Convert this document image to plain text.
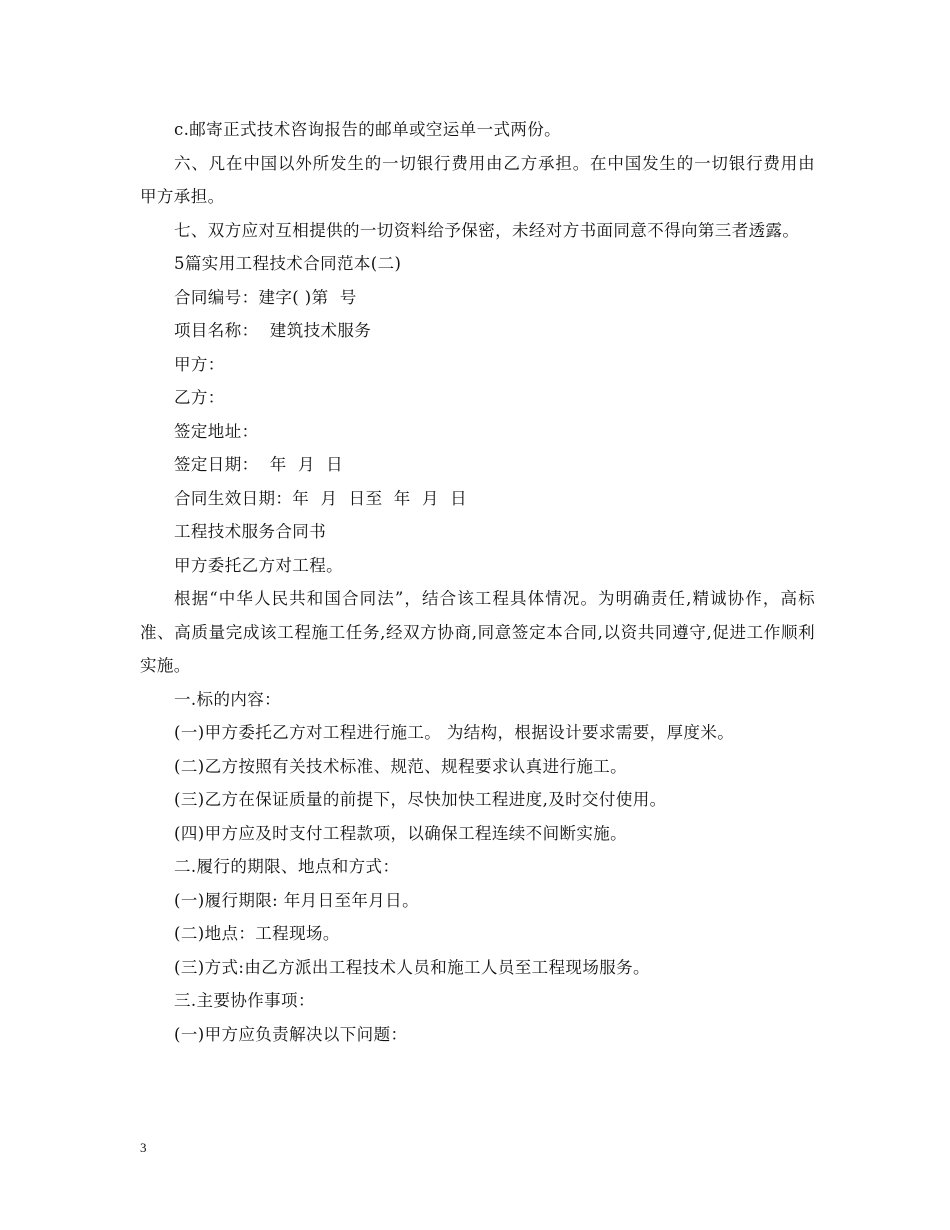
c.邮寄正式技术咨询报告的邮单或空运单一式两份。

六、凡在中国以外所发生的一切银行费用由乙方承担。在中国发生的一切银行费用由甲方承担。

七、双方应对互相提供的一切资料给予保密，未经对方书面同意不得向第三者透露。

5篇实用工程技术合同范本(二)

合同编号：建字( )第  号

项目名称：  建筑技术服务

甲方：

乙方：

签定地址：

签定日期：  年  月  日

合同生效日期：年  月  日至  年  月  日

工程技术服务合同书

甲方委托乙方对工程。

根据“中华人民共和国合同法”，结合该工程具体情况。为明确责任,精诚协作，高标准、高质量完成该工程施工任务,经双方协商,同意签定本合同,以资共同遵守,促进工作顺利实施。

一.标的内容：

(一)甲方委托乙方对工程进行施工。 为结构，根据设计要求需要，厚度米。

(二)乙方按照有关技术标准、规范、规程要求认真进行施工。

(三)乙方在保证质量的前提下，尽快加快工程进度,及时交付使用。

(四)甲方应及时支付工程款项，以确保工程连续不间断实施。

二.履行的期限、地点和方式：

(一)履行期限: 年月日至年月日。

(二)地点：工程现场。

(三)方式:由乙方派出工程技术人员和施工人员至工程现场服务。

三.主要协作事项：

(一)甲方应负责解决以下问题：

3
